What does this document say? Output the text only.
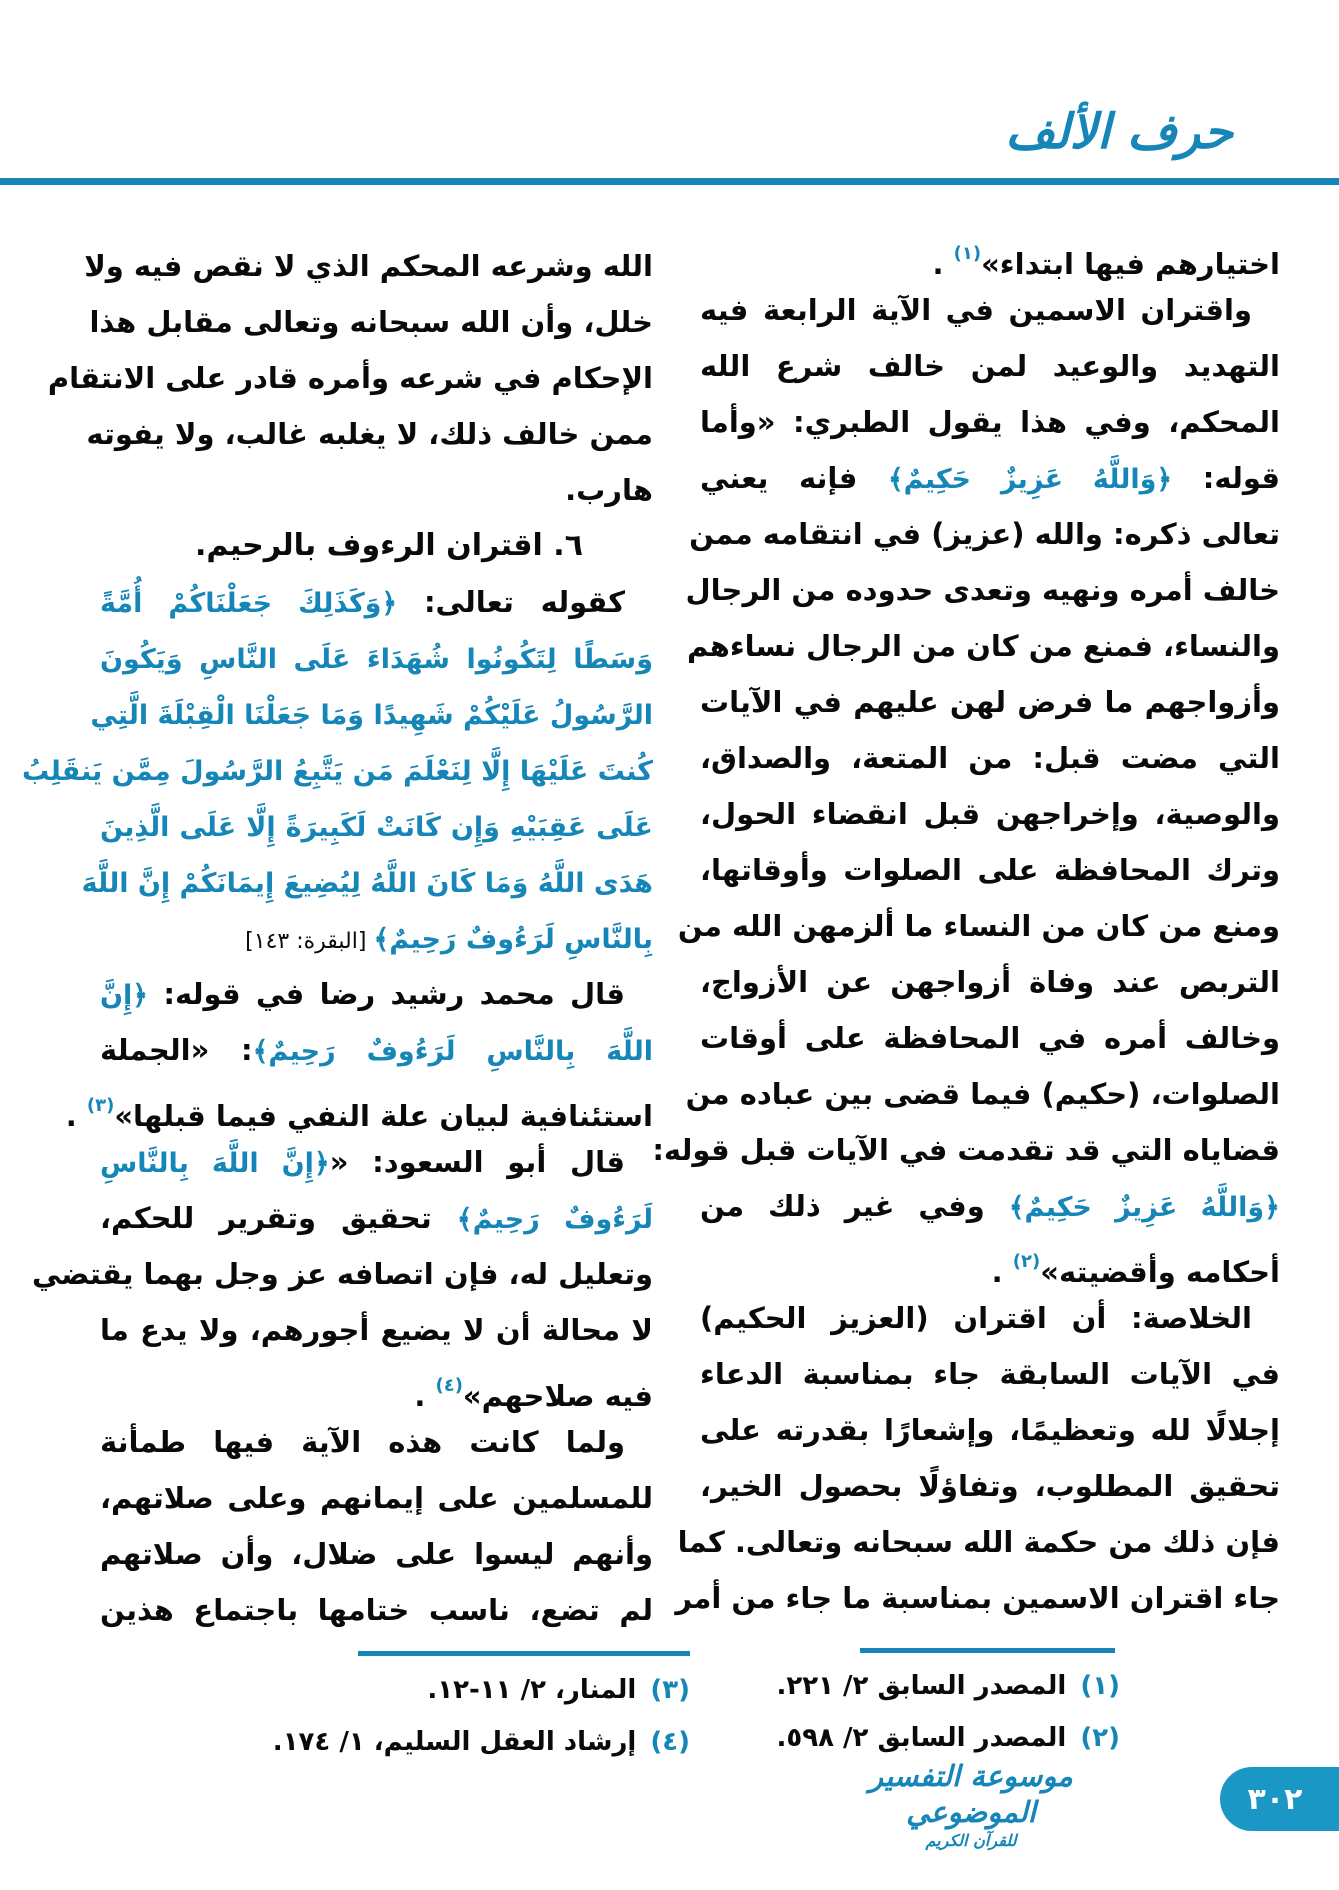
حرف الألف
اختيارهم فيها ابتداء»$^{(١)}$ .
واقتران الاسمين في الآية الرابعة فيه
التهديد والوعيد لمن خالف شرع الله
المحكم، وفي هذا يقول الطبري: «وأما
قوله: ﴿وَاللَّهُ عَزِيزٌ حَكِيمٌ﴾ فإنه يعني
تعالى ذكره: والله (عزيز) في انتقامه ممن
خالف أمره ونهيه وتعدى حدوده من الرجال
والنساء، فمنع من كان من الرجال نساءهم
وأزواجهم ما فرض لهن عليهم في الآيات
التي مضت قبل: من المتعة، والصداق،
والوصية، وإخراجهن قبل انقضاء الحول،
وترك المحافظة على الصلوات وأوقاتها،
ومنع من كان من النساء ما ألزمهن الله من
التربص عند وفاة أزواجهن عن الأزواج،
وخالف أمره في المحافظة على أوقات
الصلوات، (حكيم) فيما قضى بين عباده من
قضاياه التي قد تقدمت في الآيات قبل قوله:
﴿وَاللَّهُ عَزِيزٌ حَكِيمٌ﴾ وفي غير ذلك من
أحكامه وأقضيته»$^{(٢)}$ .
الخلاصة: أن اقتران (العزيز الحكيم)
في الآيات السابقة جاء بمناسبة الدعاء
إجلالًا لله وتعظيمًا، وإشعارًا بقدرته على
تحقيق المطلوب، وتفاؤلًا بحصول الخير،
فإن ذلك من حكمة الله سبحانه وتعالى. كما
جاء اقتران الاسمين بمناسبة ما جاء من أمر
الله وشرعه المحكم الذي لا نقص فيه ولا
خلل، وأن الله سبحانه وتعالى مقابل هذا
الإحكام في شرعه وأمره قادر على الانتقام
ممن خالف ذلك، لا يغلبه غالب، ولا يفوته
هارب.
٦. اقتران الرءوف بالرحيم.
كقوله تعالى: ﴿وَكَذَلِكَ جَعَلْنَاكُمْ أُمَّةً
وَسَطًا لِتَكُونُوا شُهَدَاءَ عَلَى النَّاسِ وَيَكُونَ
الرَّسُولُ عَلَيْكُمْ شَهِيدًا وَمَا جَعَلْنَا الْقِبْلَةَ الَّتِي
كُنتَ عَلَيْهَا إِلَّا لِنَعْلَمَ مَن يَتَّبِعُ الرَّسُولَ مِمَّن يَنقَلِبُ
عَلَى عَقِبَيْهِ وَإِن كَانَتْ لَكَبِيرَةً إِلَّا عَلَى الَّذِينَ
هَدَى اللَّهُ وَمَا كَانَ اللَّهُ لِيُضِيعَ إِيمَانَكُمْ إِنَّ اللَّهَ
بِالنَّاسِ لَرَءُوفٌ رَحِيمٌ﴾ [البقرة: ١٤٣]
قال محمد رشيد رضا في قوله: ﴿إِنَّ
اللَّهَ بِالنَّاسِ لَرَءُوفٌ رَحِيمٌ﴾: «الجملة
استئنافية لبيان علة النفي فيما قبلها»$^{(٣)}$ .
قال أبو السعود: «﴿إِنَّ اللَّهَ بِالنَّاسِ
لَرَءُوفٌ رَحِيمٌ﴾ تحقيق وتقرير للحكم،
وتعليل له، فإن اتصافه عز وجل بهما يقتضي
لا محالة أن لا يضيع أجورهم، ولا يدع ما
فيه صلاحهم»$^{(٤)}$ .
ولما كانت هذه الآية فيها طمأنة
للمسلمين على إيمانهم وعلى صلاتهم،
وأنهم ليسوا على ضلال، وأن صلاتهم
لم تضع، ناسب ختامها باجتماع هذين
(١)المصدر السابق ٢/ ٢٢١.
(٢)المصدر السابق ٢/ ٥٩٨.
(٣)المنار، ٢/ ١١-١٢.
(٤)إرشاد العقل السليم، ١/ ١٧٤.
موسوعة التفسير الموضوعي
للقرآن الكريم
٣٠٢
